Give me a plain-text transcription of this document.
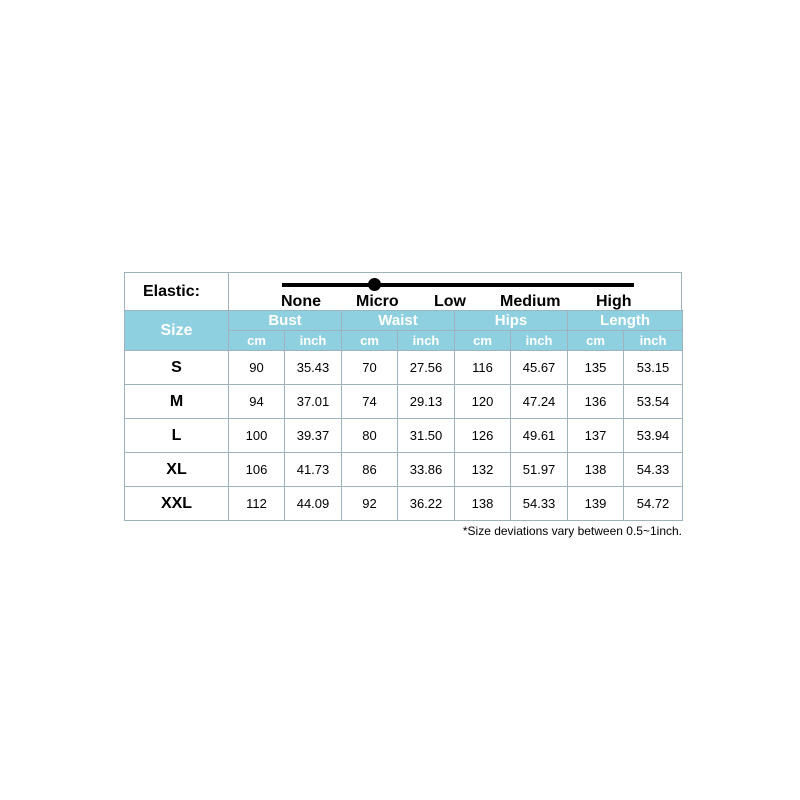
Elastic:
None Micro Low Medium High
Size	Bust		Waist		Hips		Length	
	cm	inch	cm	inch	cm	inch	cm	inch
S	90	35.43	70	27.56	116	45.67	135	53.15
M	94	37.01	74	29.13	120	47.24	136	53.54
L	100	39.37	80	31.50	126	49.61	137	53.94
XL	106	41.73	86	33.86	132	51.97	138	54.33
XXL	112	44.09	92	36.22	138	54.33	139	54.72
*Size deviations vary between 0.5~1inch.
